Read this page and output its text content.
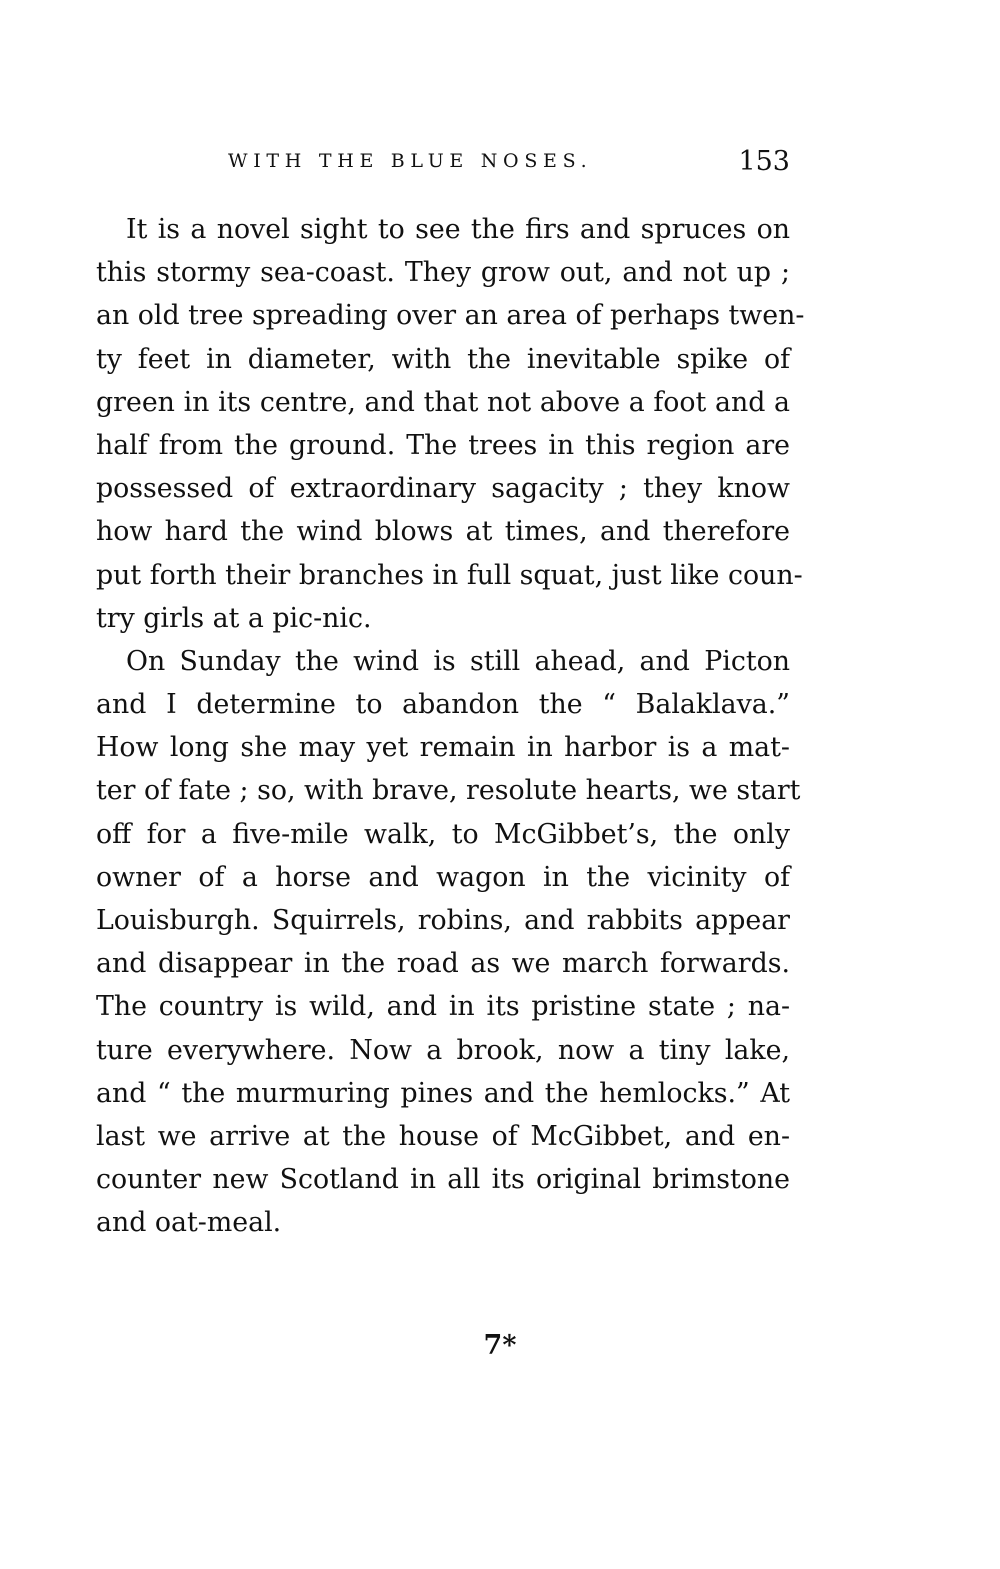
WITH THE BLUE NOSES.	153
It is a novel sight to see the firs and spruces on
this stormy sea-coast. They grow out, and not up ;
an old tree spreading over an area of perhaps twen-
ty feet in diameter, with the inevitable spike of
green in its centre, and that not above a foot and a
half from the ground. The trees in this region are
possessed of extraordinary sagacity ; they know
how hard the wind blows at times, and therefore
put forth their branches in full squat, just like coun-
try girls at a pic-nic.
On Sunday the wind is still ahead, and Picton
and I determine to abandon the “ Balaklava.”
How long she may yet remain in harbor is a mat-
ter of fate ; so, with brave, resolute hearts, we start
off for a five-mile walk, to McGibbet’s, the only
owner of a horse and wagon in the vicinity of
Louisburgh. Squirrels, robins, and rabbits appear
and disappear in the road as we march forwards.
The country is wild, and in its pristine state ; na-
ture everywhere. Now a brook, now a tiny lake,
and “ the murmuring pines and the hemlocks.” At
last we arrive at the house of McGibbet, and en-
counter new Scotland in all its original brimstone
and oat-meal.
7*
